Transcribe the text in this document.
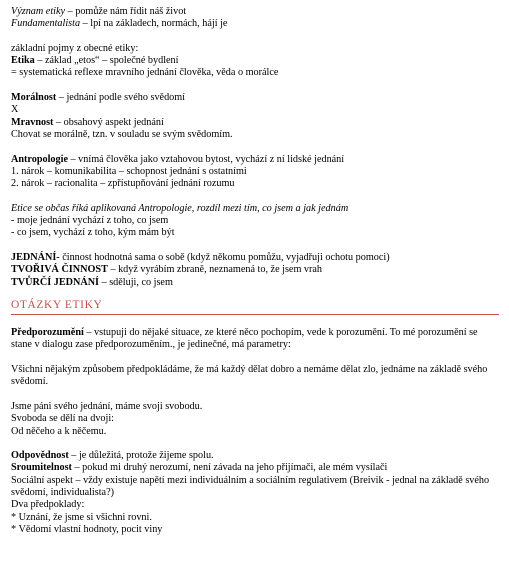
Význam etiky – pomůže nám řídit náš život
Fundamentalista – lpí na základech, normách, hájí je
základní pojmy z obecné etiky:
Etika – základ „etos“ – společné bydlení
= systematická reflexe mravního jednání člověka, věda o morálce
Morálnost – jednání podle svého svědomí
X
Mravnost – obsahový aspekt jednání
Chovat se morálně, tzn. v souladu se svým svědomím.
Antropologie – vnímá člověka jako vztahovou bytost, vychází z ní lidské jednání
1. nárok – komunikabilita – schopnost jednání s ostatními
2. nárok – racionalita – zpřístupňování jednání rozumu
Etice se občas říká aplikovaná Antropologie, rozdíl mezi tím, co jsem a jak jednám
- moje jednání vychází z toho, co jsem
- co jsem, vychází z toho, kým mám být
JEDNÁNÍ- činnost hodnotná sama o sobě (když někomu pomůžu, vyjadřuji ochotu pomoci)
TVOŘIVÁ ČINNOST – když vyrábím zbraně, neznamená to, že jsem vrah
TVŮRČÍ JEDNÁNÍ – sděluji, co jsem
OTÁZKY ETIKY
Předporozumění – vstupuji do nějaké situace, ze které něco pochopím, vede k porozumění. To mé porozumění se stane v dialogu zase předporozuměním., je jedinečné, má parametry:
Všichni nějakým způsobem předpokládáme, že má každý dělat dobro a nemáme dělat zlo, jednáme na základě svého svědomí.
Jsme páni svého jednání, máme svoji svobodu.
Svoboda se dělí na dvoji:
Od něčeho a k něčemu.
Odpovědnost – je důležitá, protože žijeme spolu.
Sroumitelnost – pokud mi druhý nerozumí, není závada na jeho přijímači, ale mém vysílači
Sociální aspekt – vždy existuje napětí mezi individuálním a sociálním regulativem (Breivik - jednal na základě svého svědomí, individualista?)
Dva předpoklady:
* Uznání, že jsme si všichni rovni.
* Vědomí vlastní hodnoty, pocit viny
